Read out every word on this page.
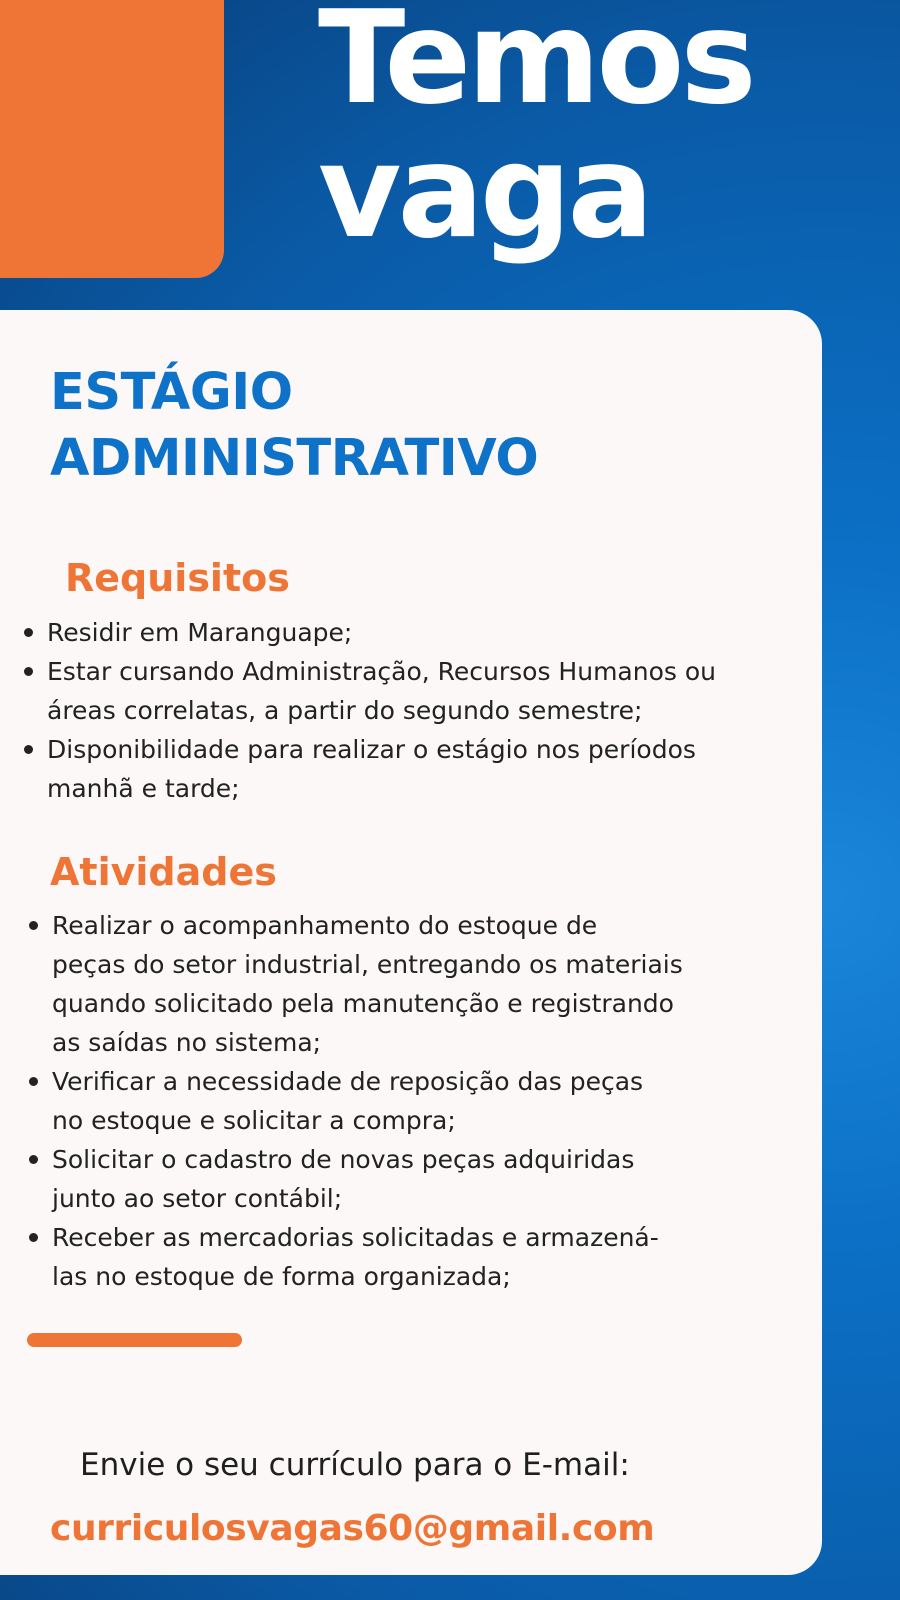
Temos
vaga
ESTÁGIO
ADMINISTRATIVO
Requisitos
Residir em Maranguape;
Estar cursando Administração, Recursos Humanos ou
áreas correlatas, a partir do segundo semestre;
Disponibilidade para realizar o estágio nos períodos
manhã e tarde;
Atividades
Realizar o acompanhamento do estoque de
peças do setor industrial, entregando os materiais
quando solicitado pela manutenção e registrando
as saídas no sistema;
Verificar a necessidade de reposição das peças
no estoque e solicitar a compra;
Solicitar o cadastro de novas peças adquiridas
junto ao setor contábil;
Receber as mercadorias solicitadas e armazená-
las no estoque de forma organizada;
Envie o seu currículo para o E-mail:
curriculosvagas60@gmail.com
